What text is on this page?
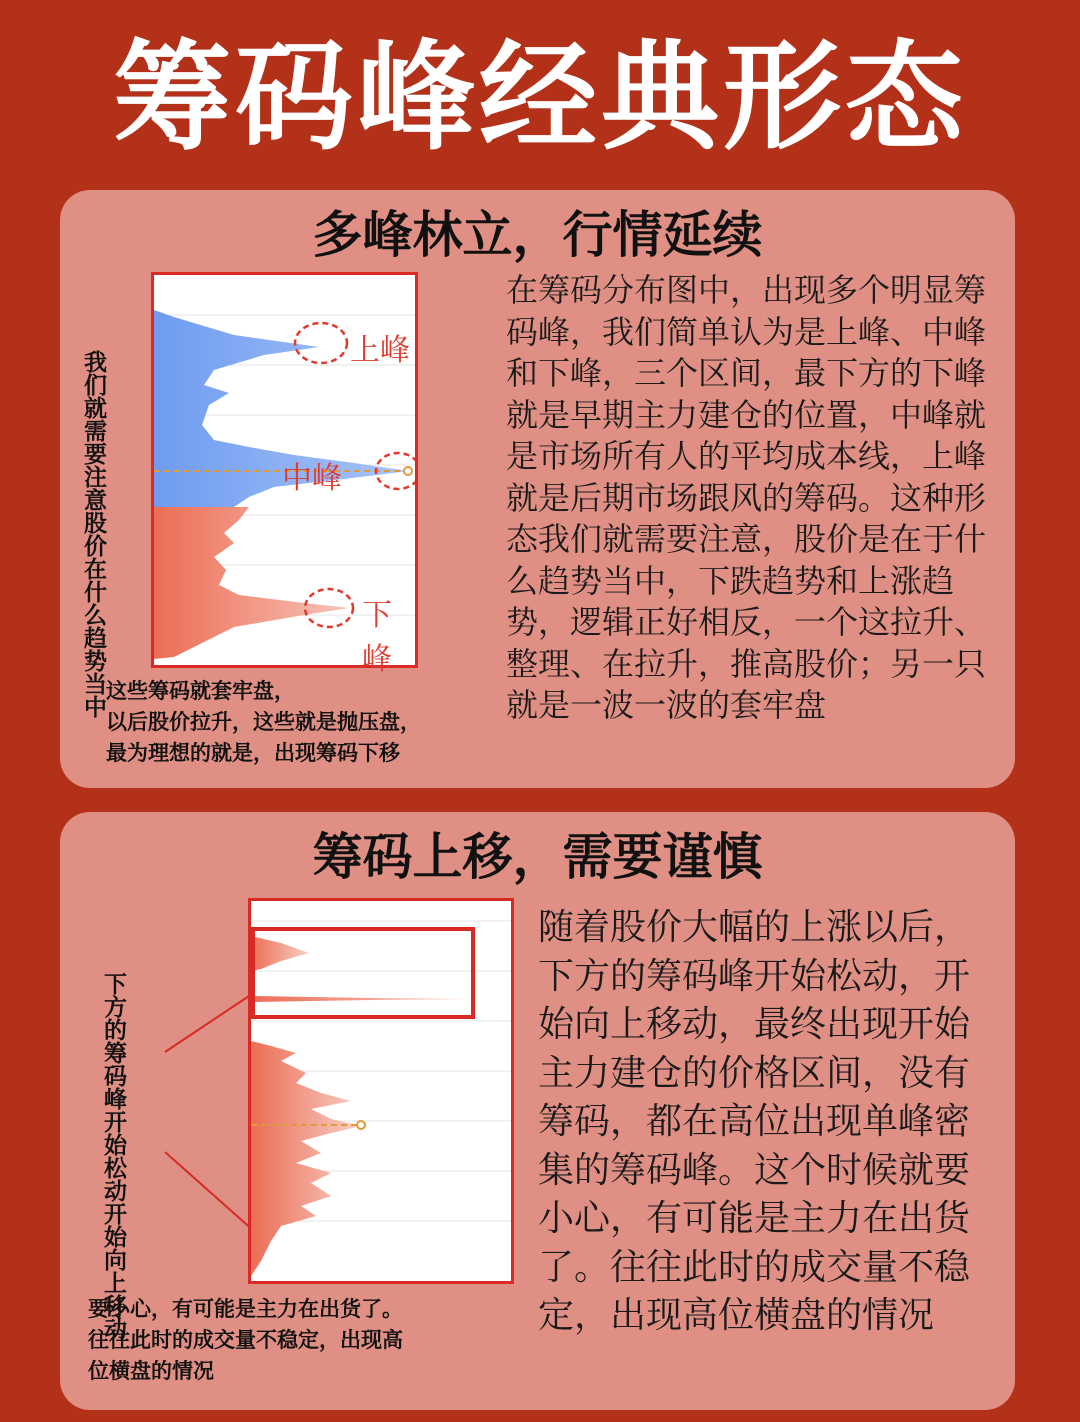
筹码峰经典形态
多峰林立，行情延续
我们就需要注意股价在什么趋势当中	上峰
中峰
下峰
这些筹码就套牢盘，
以后股价拉升，这些就是抛压盘，
最为理想的就是，出现筹码下移
在筹码分布图中，出现多个明显筹码峰，我们简单认为是上峰、中峰和下峰，三个区间，最下方的下峰就是早期主力建仓的位置，中峰就是市场所有人的平均成本线，上峰就是后期市场跟风的筹码。这种形态我们就需要注意，股价是在于什么趋势当中，下跌趋势和上涨趋势，逻辑正好相反，一个这拉升、整理、在拉升，推高股价；另一只就是一波一波的套牢盘
筹码上移，需要谨慎
下方的筹码峰开始松动开始向上移动
要小心，有可能是主力在出货了。
往往此时的成交量不稳定，出现高
位横盘的情况
随着股价大幅的上涨以后，下方的筹码峰开始松动，开始向上移动，最终出现开始主力建仓的价格区间，没有筹码，都在高位出现单峰密集的筹码峰。这个时候就要小心，有可能是主力在出货了。往往此时的成交量不稳定，出现高位横盘的情况
